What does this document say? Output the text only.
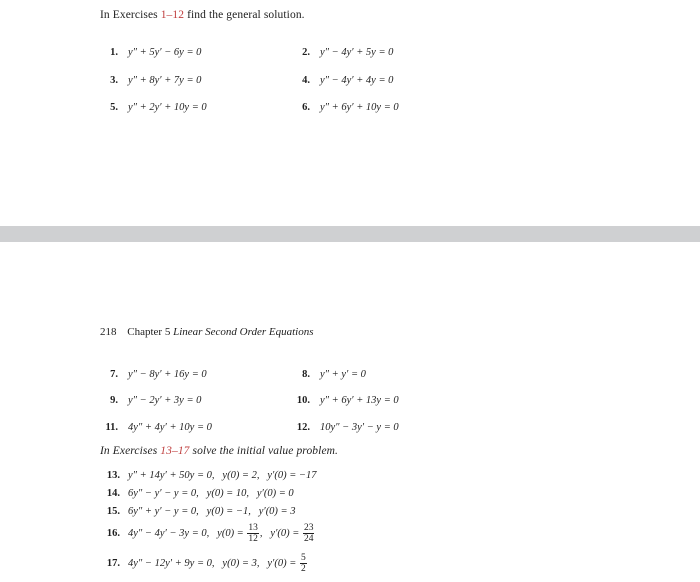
In Exercises 1–12 find the general solution.
1. y″ + 5y′ − 6y = 0	2. y″ − 4y′ + 5y = 0
3. y″ + 8y′ + 7y = 0	4. y″ − 4y′ + 4y = 0
5. y″ + 2y′ + 10y = 0	6. y″ + 6y′ + 10y = 0
218 Chapter 5 Linear Second Order Equations
7. y″ − 8y′ + 16y = 0	8. y″ + y′ = 0
9. y″ − 2y′ + 3y = 0	10. y″ + 6y′ + 13y = 0
11. 4y″ + 4y′ + 10y = 0	12. 10y″ − 3y′ − y = 0
In Exercises 13–17 solve the initial value problem.
13. y″ + 14y′ + 50y = 0,   y(0) = 2,   y′(0) = −17
14. 6y″ − y′ − y = 0,   y(0) = 10,   y′(0) = 0
15. 6y″ + y′ − y = 0,   y(0) = −1,   y′(0) = 3
16. 4y″ − 4y′ − 3y = 0,   $y(0) = \frac{13}{12}$ ,   $y'(0) = \frac{23}{24}$
17. 4y″ − 12y′ + 9y = 0,   y(0) = 3,   $y'(0) = \frac{5}{2}$
